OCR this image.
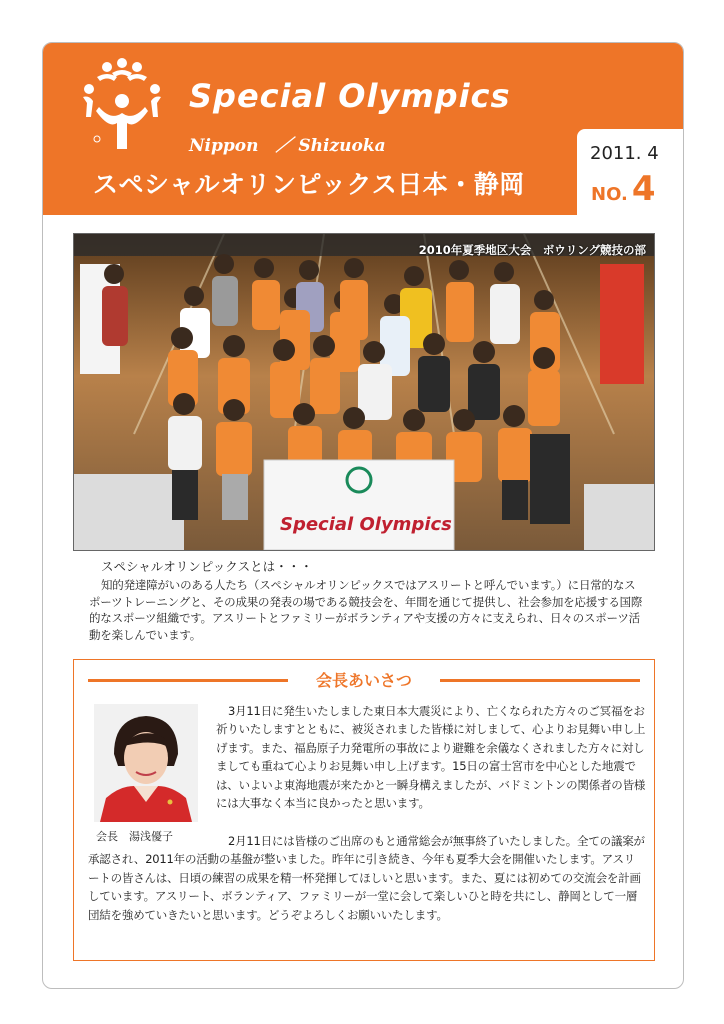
Special Olympics

Nippon　／ Shizuoka

スペシャルオリンピックス日本・静岡

2011. 4

NO. 4
Special Olympics

2010年夏季地区大会　ボウリング競技の部

スペシャルオリンピックスとは・・・

知的発達障がいのある人たち（スペシャルオリンピックスではアスリートと呼んでいます。）に日常的なスポーツトレーニングと、その成果の発表の場である競技会を、年間を通じて提供し、社会参加を応援する国際的なスポーツ組織です。アスリートとファミリーがボランティアや支援の方々に支えられ、日々のスポーツ活動を楽しんでいます。

会長あいさつ

会長　湯浅優子

3月11日に発生いたしました東日本大震災により、亡くなられた方々のご冥福をお祈りいたしますとともに、被災されました皆様に対しまして、心よりお見舞い申し上げます。また、福島原子力発電所の事故により避難を余儀なくされました方々に対しましても重ねて心よりお見舞い申し上げます。15日の富士宮市を中心とした地震では、いよいよ東海地震が来たかと一瞬身構えましたが、バドミントンの関係者の皆様には大事なく本当に良かったと思います。

2月11日には皆様のご出席のもと通常総会が無事終了いたしました。全ての議案が承認され、2011年の活動の基盤が整いました。昨年に引き続き、今年も夏季大会を開催いたします。アスリートの皆さんは、日頃の練習の成果を精一杯発揮してほしいと思います。また、夏には初めての交流会を計画しています。アスリート、ボランティア、ファミリーが一堂に会して楽しいひと時を共にし、静岡として一層団結を強めていきたいと思います。どうぞよろしくお願いいたします。
